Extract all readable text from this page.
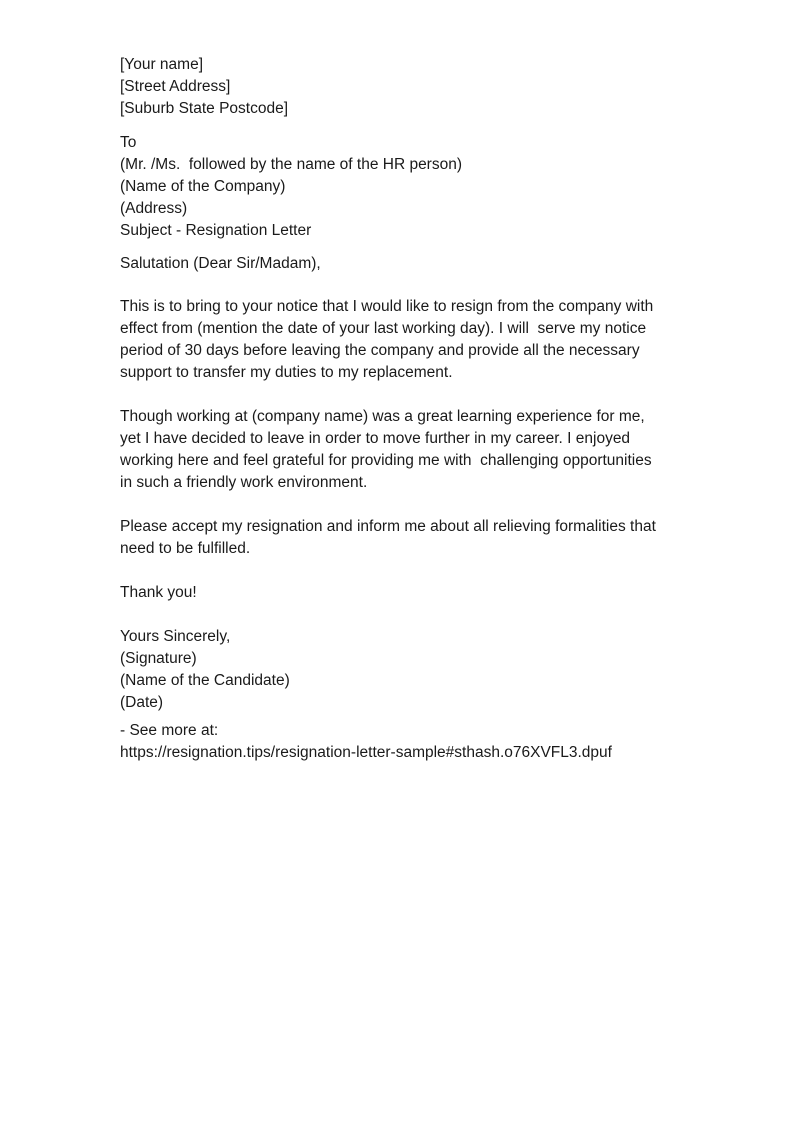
[Your name]
[Street Address]
[Suburb State Postcode]
To
(Mr. /Ms.  followed by the name of the HR person)
(Name of the Company)
(Address)
Subject - Resignation Letter
Salutation (Dear Sir/Madam),
This is to bring to your notice that I would like to resign from the company with
effect from (mention the date of your last working day). I will  serve my notice
period of 30 days before leaving the company and provide all the necessary
support to transfer my duties to my replacement.
Though working at (company name) was a great learning experience for me,
yet I have decided to leave in order to move further in my career. I enjoyed
working here and feel grateful for providing me with  challenging opportunities
in such a friendly work environment.
Please accept my resignation and inform me about all relieving formalities that
need to be fulfilled.
Thank you!
Yours Sincerely,
(Signature)
(Name of the Candidate)
(Date)
- See more at:
https://resignation.tips/resignation-letter-sample#sthash.o76XVFL3.dpuf
